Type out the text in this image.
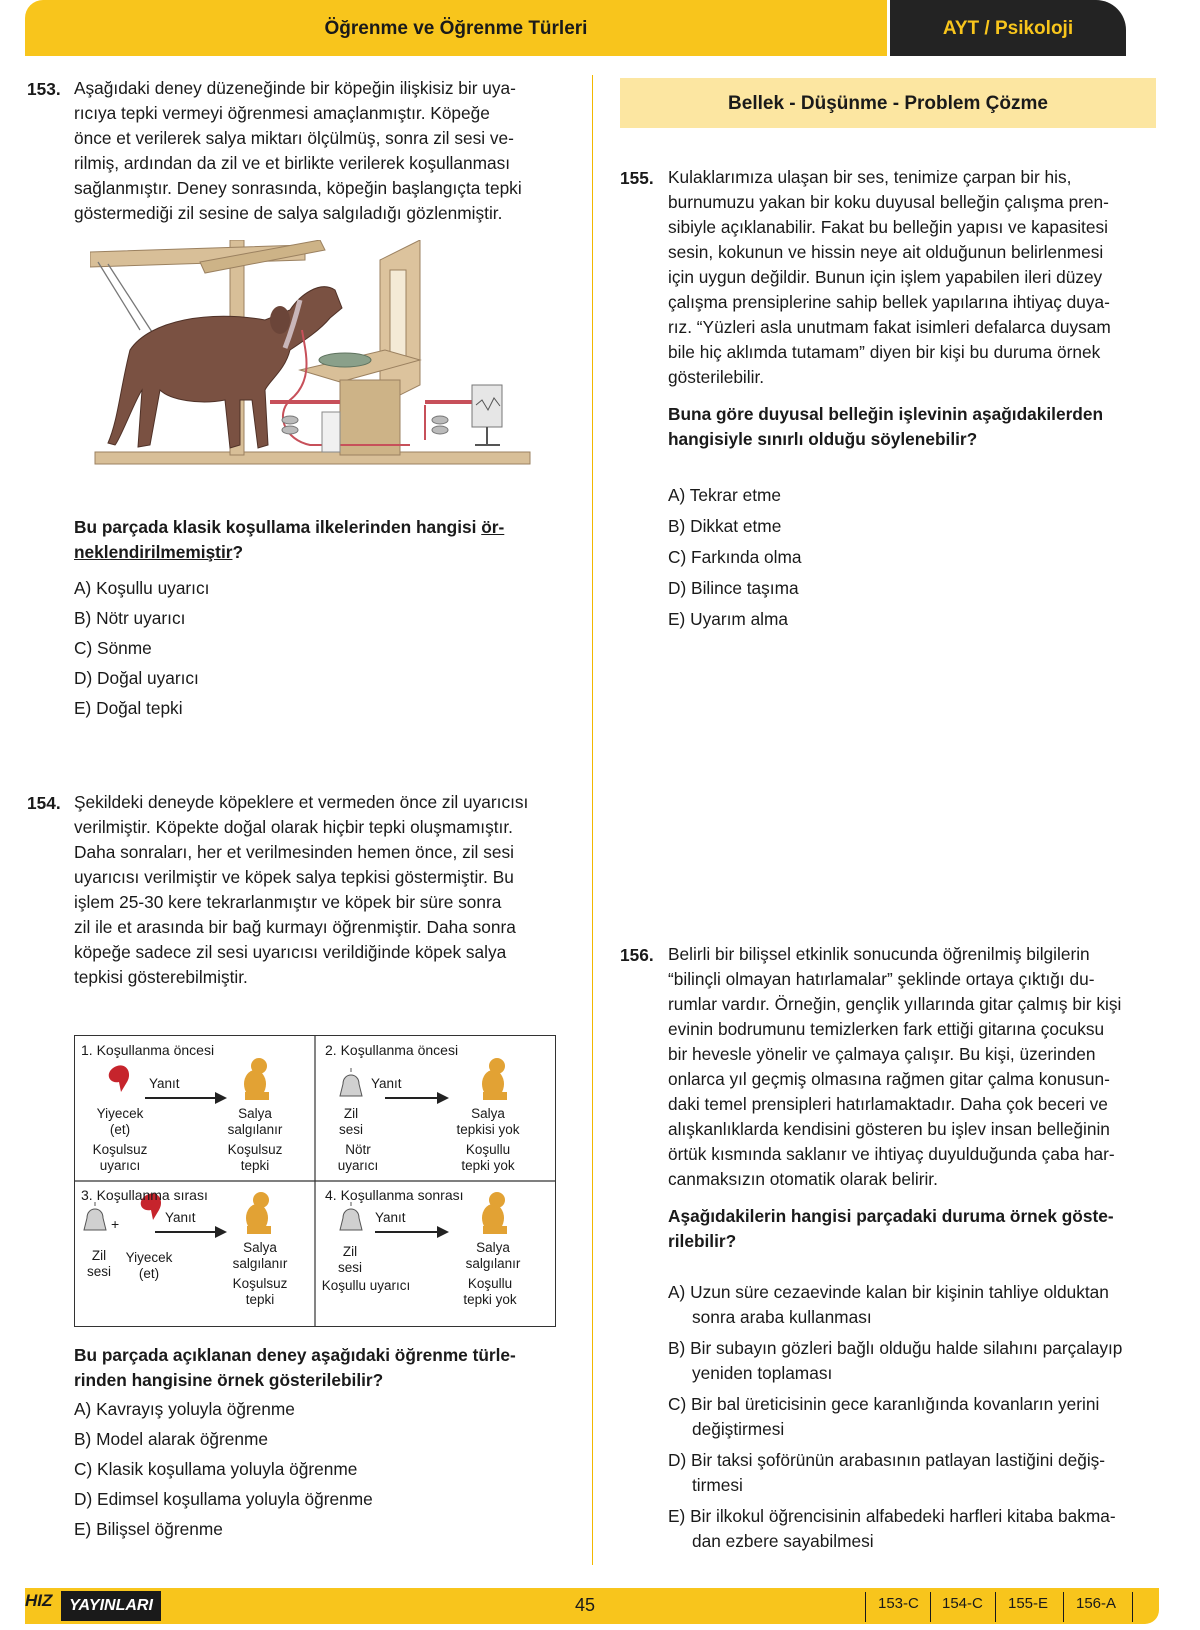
Öğrenme ve Öğrenme Türleri	AYT / Psikoloji
153. Aşağıdaki deney düzeneğinde bir köpeğin ilişkisiz bir uya-
rıcıya tepki vermeyi öğrenmesi amaçlanmıştır. Köpeğe
önce et verilerek salya miktarı ölçülmüş, sonra zil sesi ve-
rilmiş, ardından da zil ve et birlikte verilerek koşullanması
sağlanmıştır. Deney sonrasında, köpeğin başlangıçta tepki
göstermediği zil sesine de salya salgıladığı gözlenmiştir.
Bu parçada klasik koşullama ilkelerinden hangisi ör-
neklendirilmemiştir?
A) Koşullu uyarıcı
B) Nötr uyarıcı
C) Sönme
D) Doğal uyarıcı
E) Doğal tepki
154. Şekildeki deneyde köpeklere et vermeden önce zil uyarıcısı
verilmiştir. Köpekte doğal olarak hiçbir tepki oluşmamıştır.
Daha sonraları, her et verilmesinden hemen önce, zil sesi
uyarıcısı verilmiştir ve köpek salya tepkisi göstermiştir. Bu
işlem 25-30 kere tekrarlanmıştır ve köpek bir süre sonra
zil ile et arasında bir bağ kurmayı öğrenmiştir. Daha sonra
köpeğe sadece zil sesi uyarıcısı verildiğinde köpek salya
tepkisi gösterebilmiştir.
1. Koşullanma öncesi
Yanıt
Yiyecek
(et)
Salya
salgılanır
Koşulsuz
uyarıcı
Koşulsuz
tepki
2. Koşullanma öncesi
Yanıt
Zil
sesi
Salya
tepkisi yok
Nötr
uyarıcı
Koşullu
tepki yok
3. Koşullanma sırası
Yanıt
+
Zil
sesi
Yiyecek
(et)
Salya
salgılanır
Koşulsuz
tepki
4. Koşullanma sonrası
Yanıt
Zil
sesi
Koşullu uyarıcı
Salya
salgılanır
Koşullu
tepki yok
Bu parçada açıklanan deney aşağıdaki öğrenme türle-
rinden hangisine örnek gösterilebilir?
A) Kavrayış yoluyla öğrenme
B) Model alarak öğrenme
C) Klasik koşullama yoluyla öğrenme
D) Edimsel koşullama yoluyla öğrenme
E) Bilişsel öğrenme
Bellek - Düşünme - Problem Çözme
155. Kulaklarımıza ulaşan bir ses, tenimize çarpan bir his,
burnumuzu yakan bir koku duyusal belleğin çalışma pren-
sibiyle açıklanabilir. Fakat bu belleğin yapısı ve kapasitesi
sesin, kokunun ve hissin neye ait olduğunun belirlenmesi
için uygun değildir. Bunun için işlem yapabilen ileri düzey
çalışma prensiplerine sahip bellek yapılarına ihtiyaç duya-
rız. “Yüzleri asla unutmam fakat isimleri defalarca duysam
bile hiç aklımda tutamam” diyen bir kişi bu duruma örnek
gösterilebilir.
Buna göre duyusal belleğin işlevinin aşağıdakilerden
hangisiyle sınırlı olduğu söylenebilir?
A) Tekrar etme
B) Dikkat etme
C) Farkında olma
D) Bilince taşıma
E) Uyarım alma
156. Belirli bir bilişsel etkinlik sonucunda öğrenilmiş bilgilerin
“bilinçli olmayan hatırlamalar” şeklinde ortaya çıktığı du-
rumlar vardır. Örneğin, gençlik yıllarında gitar çalmış bir kişi
evinin bodrumunu temizlerken fark ettiği gitarına çocuksu
bir hevesle yönelir ve çalmaya çalışır. Bu kişi, üzerinden
onlarca yıl geçmiş olmasına rağmen gitar çalma konusun-
daki temel prensipleri hatırlamaktadır. Daha çok beceri ve
alışkanlıklarda kendisini gösteren bu işlev insan belleğinin
örtük kısmında saklanır ve ihtiyaç duyulduğunda çaba har-
canmaksızın otomatik olarak belirir.
Aşağıdakilerin hangisi parçadaki duruma örnek göste-
rilebilir?
A) Uzun süre cezaevinde kalan bir kişinin tahliye olduktan
sonra araba kullanması
B) Bir subayın gözleri bağlı olduğu halde silahını parçalayıp
yeniden toplaması
C) Bir bal üreticisinin gece karanlığında kovanların yerini
değiştirmesi
D) Bir taksi şoförünün arabasının patlayan lastiğini değiş-
tirmesi
E) Bir ilkokul öğrencisinin alfabedeki harfleri kitaba bakma-
dan ezbere sayabilmesi
HIZ	YAYINLARI	45	153-C 154-C 155-E 156-A
